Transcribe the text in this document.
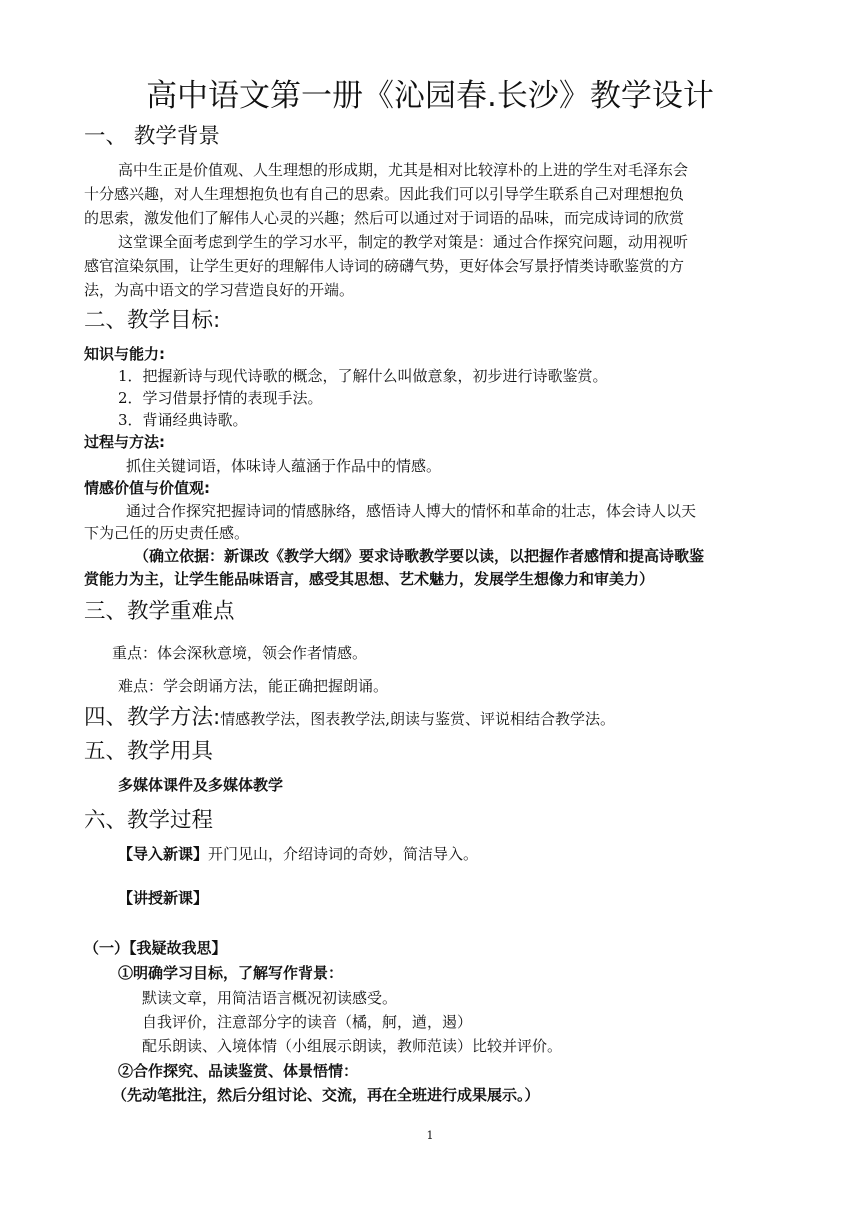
高中语文第一册《沁园春.长沙》教学设计
一、 教学背景
高中生正是价值观、人生理想的形成期，尤其是相对比较淳朴的上进的学生对毛泽东会
十分感兴趣，对人生理想抱负也有自己的思索。因此我们可以引导学生联系自己对理想抱负
的思索，激发他们了解伟人心灵的兴趣；然后可以通过对于词语的品味，而完成诗词的欣赏
这堂课全面考虑到学生的学习水平，制定的教学对策是：通过合作探究问题，动用视听
感官渲染氛围，让学生更好的理解伟人诗词的磅礴气势，更好体会写景抒情类诗歌鉴赏的方
法，为高中语文的学习营造良好的开端。
二、教学目标:
知识与能力:
1．把握新诗与现代诗歌的概念，了解什么叫做意象，初步进行诗歌鉴赏。
2．学习借景抒情的表现手法。
3．背诵经典诗歌。
过程与方法:
抓住关键词语，体味诗人蕴涵于作品中的情感。
情感价值与价值观:
通过合作探究把握诗词的情感脉络，感悟诗人博大的情怀和革命的壮志，体会诗人以天
下为己任的历史责任感。
（确立依据：新课改《教学大纲》要求诗歌教学要以读，以把握作者感情和提高诗歌鉴
赏能力为主，让学生能品味语言，感受其思想、艺术魅力，发展学生想像力和审美力）
三、教学重难点
重点：体会深秋意境，领会作者情感。
难点：学会朗诵方法，能正确把握朗诵。
四、教学方法:情感教学法，图表教学法,朗读与鉴赏、评说相结合教学法。
五、教学用具
多媒体课件及多媒体教学
六、教学过程
【导入新课】开门见山，介绍诗词的奇妙，简洁导入。
【讲授新课】
（一）【我疑故我思】
①明确学习目标，了解写作背景：
默读文章，用简洁语言概况初读感受。
自我评价，注意部分字的读音（橘，舸，遒，遏）
配乐朗读、入境体情（小组展示朗读，教师范读）比较并评价。
②合作探究、品读鉴赏、体景悟情：
（先动笔批注，然后分组讨论、交流，再在全班进行成果展示。）
1
